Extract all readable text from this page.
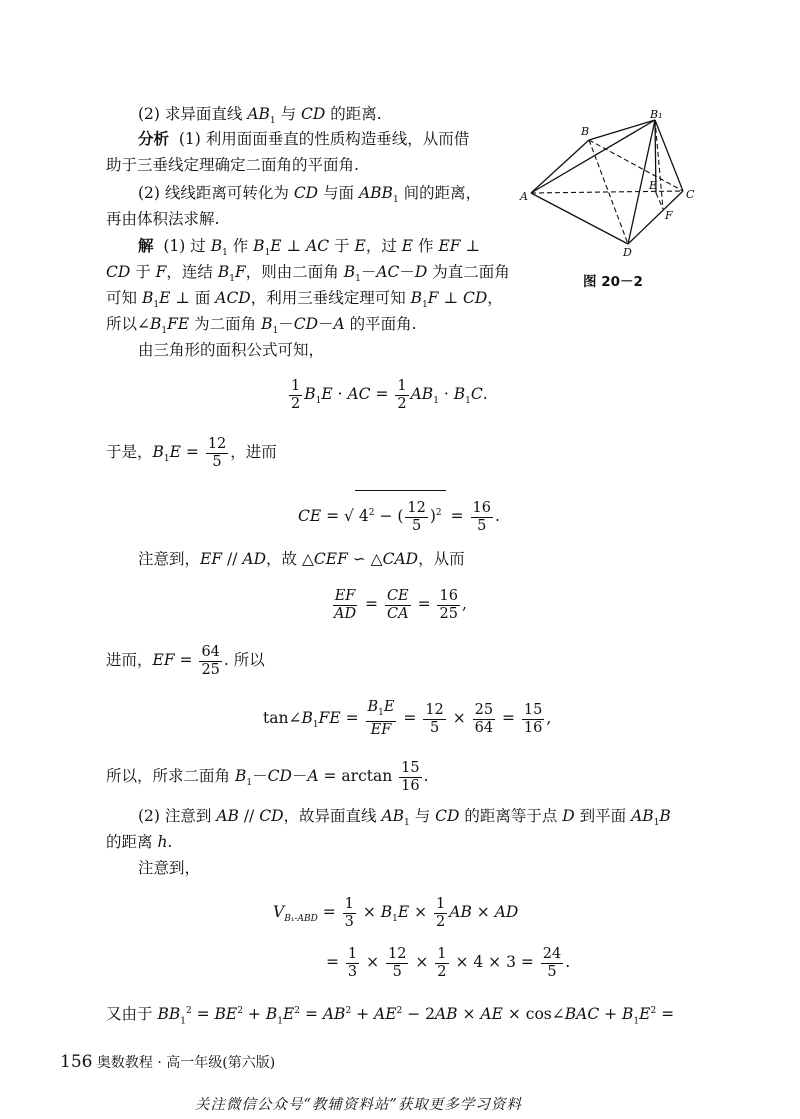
(2) 求异面直线 $AB_1$ 与 CD 的距离.
分析  (1) 利用面面垂直的性质构造垂线，从而借
助于三垂线定理确定二面角的平面角.
(2) 线线距离可转化为 CD 与面 $ABB_1$ 间的距离，
再由体积法求解.
解  (1) 过 $B_1$ 作 $B_1E$ ⊥ AC 于 E，过 E 作 EF ⊥
CD 于 F，连结 $B_1F$，则由二面角 $B_1-AC-D$ 为直二面角
可知 $B_1E$ ⊥ 面 ACD，利用三垂线定理可知 $B_1F$ ⊥ CD，
所以$\angle B_1FE$ 为二面角 $B_1-CD-A$ 的平面角.
由三角形的面积公式可知，
$\frac{1}{2} B_1E$ · AC = $\frac{1}{2} AB_1 \cdot B_1C$.
于是，$B_1E = \frac{12}{5}$ ，进而
CE = √ $4^2$ − ( $\frac{12}{5} )^2 = \frac{16}{5}$ .
注意到，EF // AD，故 △CEF ∽ △CAD，从而
$\frac{EF}{AD} = \frac{CE}{CA} = \frac{16}{25}$ ,
进而，EF = $\frac{64}{25}$ . 所以
$\tan\angle B_1FE = \frac{B_1E}{EF} = \frac{12}{5} \times \frac{25}{64} = \frac{15}{16}$ ,
所以，所求二面角 $B_1-CD-A = \arctan \frac{15}{16}$ .
(2) 注意到 AB // CD，故异面直线 $AB_1$ 与 CD 的距离等于点 D 到平面 $AB_1B$
的距离 h.
注意到，
$V_{B_1-ABD} = \frac{1}{3} \times B_1E \times \frac{1}{2}$ AB × AD
= $\frac{1}{3} \times \frac{12}{5} \times \frac{1}{2} \times 4 \times 3 = \frac{24}{5}$ .
又由于 $BB_1^2 = BE^2 + B_1E^2 = AB^2 + AE^2 - 2AB$ × AE × cos∠BAC + $B_1E^2$ =
B₁
B
A
E
C
F
D
图 20－2
156 奥数教程 · 高一年级(第六版)
关注微信公众号“教辅资料站”获取更多学习资料
